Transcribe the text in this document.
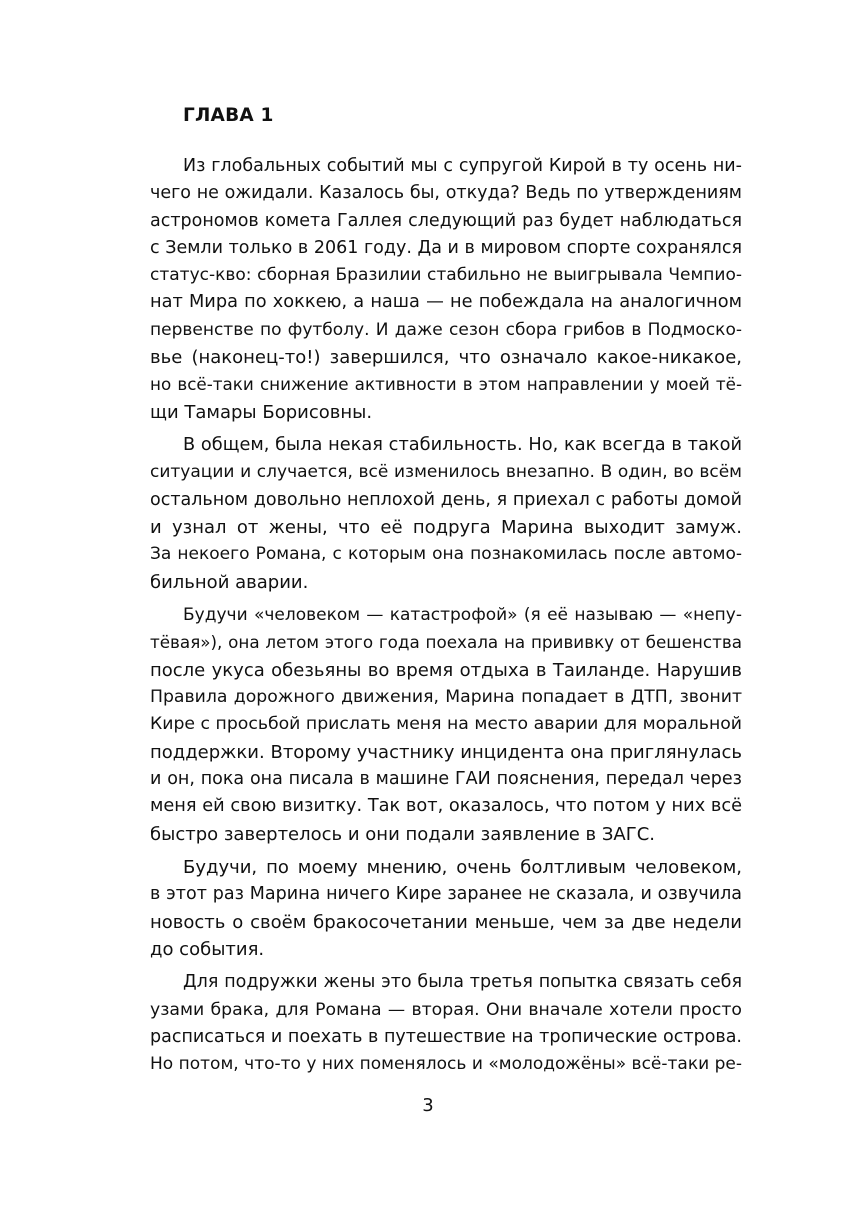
ГЛАВА 1

Из глобальных событий мы с супругой Кирой в ту осень ни-

чего не ожидали. Казалось бы, откуда? Ведь по утверждениям

астрономов комета Галлея следующий раз будет наблюдаться

с Земли только в 2061 году. Да и в мировом спорте сохранялся

статус-кво: сборная Бразилии стабильно не выигрывала Чемпио-

нат Мира по хоккею, а наша — не побеждала на аналогичном

первенстве по футболу. И даже сезон сбора грибов в Подмоско-

вье (наконец-то!) завершился, что означало какое-никакое,

но всё-таки снижение активности в этом направлении у моей тё-

щи Тамары Борисовны.

В общем, была некая стабильность. Но, как всегда в такой

ситуации и случается, всё изменилось внезапно. В один, во всём

остальном довольно неплохой день, я приехал с работы домой

и узнал от жены, что её подруга Марина выходит замуж.

За некоего Романа, с которым она познакомилась после автомо-

бильной аварии.

Будучи «человеком — катастрофой» (я её называю — «непу-

тёвая»), она летом этого года поехала на прививку от бешенства

после укуса обезьяны во время отдыха в Таиланде. Нарушив

Правила дорожного движения, Марина попадает в ДТП, звонит

Кире с просьбой прислать меня на место аварии для моральной

поддержки. Второму участнику инцидента она приглянулась

и он, пока она писала в машине ГАИ пояснения, передал через

меня ей свою визитку. Так вот, оказалось, что потом у них всё

быстро завертелось и они подали заявление в ЗАГС.

Будучи, по моему мнению, очень болтливым человеком,

в этот раз Марина ничего Кире заранее не сказала, и озвучила

новость о своём бракосочетании меньше, чем за две недели

до события.

Для подружки жены это была третья попытка связать себя

узами брака, для Романа — вторая. Они вначале хотели просто

расписаться и поехать в путешествие на тропические острова.

Но потом, что-то у них поменялось и «молодожёны» всё-таки ре-

3
